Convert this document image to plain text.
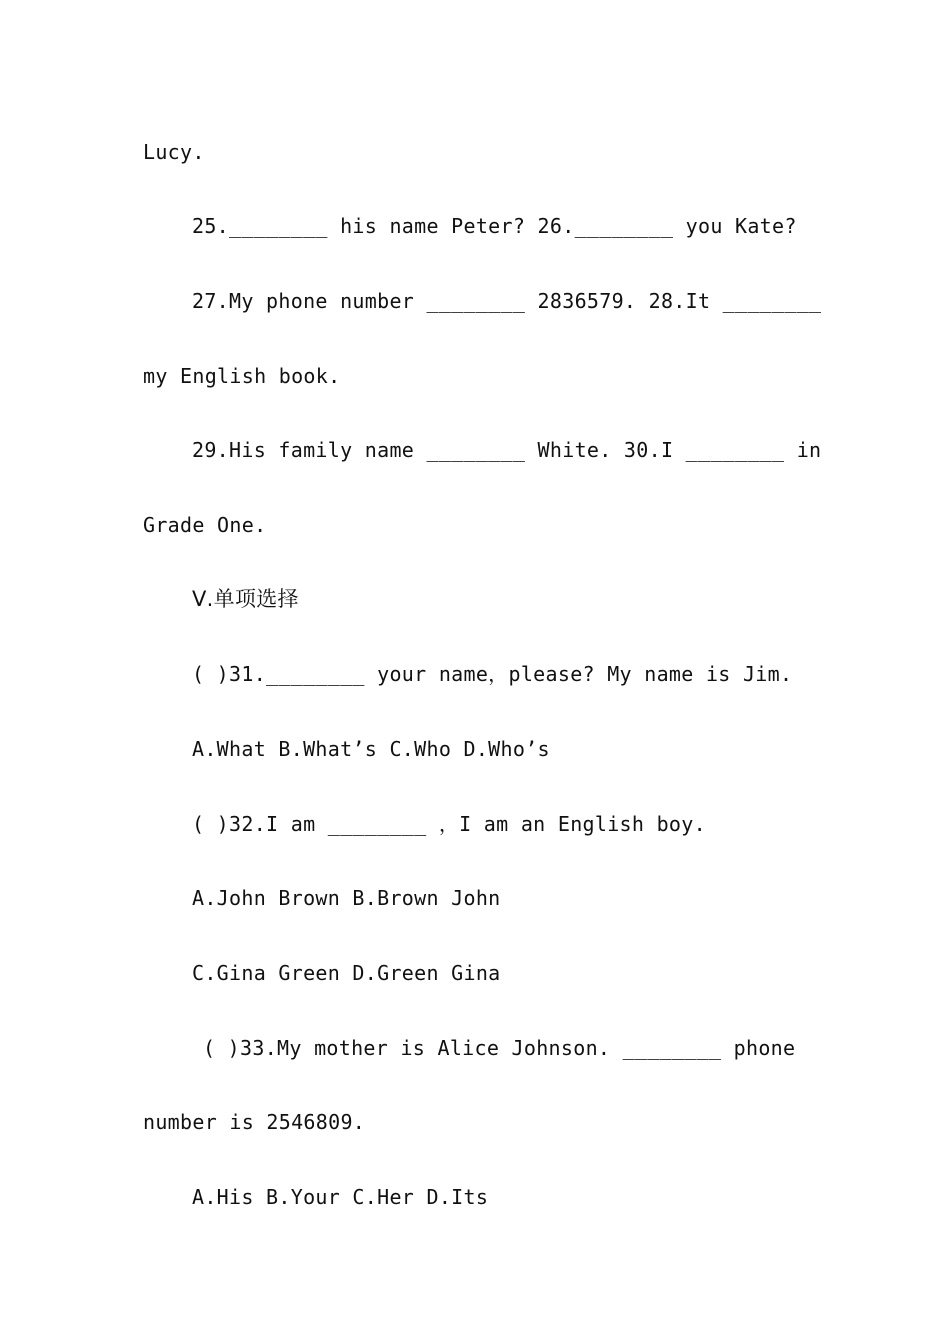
Lucy.
25.________ his name Peter? 26.________ you Kate?
27.My phone number ________ 2836579. 28.It ________
my English book.
29.His family name ________ White. 30.I ________ in
Grade One.
Ⅴ.单项选择
( )31.________ your name，please? My name is Jim.
A.What B.What’s C.Who D.Who’s
( )32.I am ________ ，I am an English boy.
A.John Brown B.Brown John
C.Gina Green D.Green Gina
( )33.My mother is Alice Johnson. ________ phone
number is 2546809.
A.His B.Your C.Her D.Its
